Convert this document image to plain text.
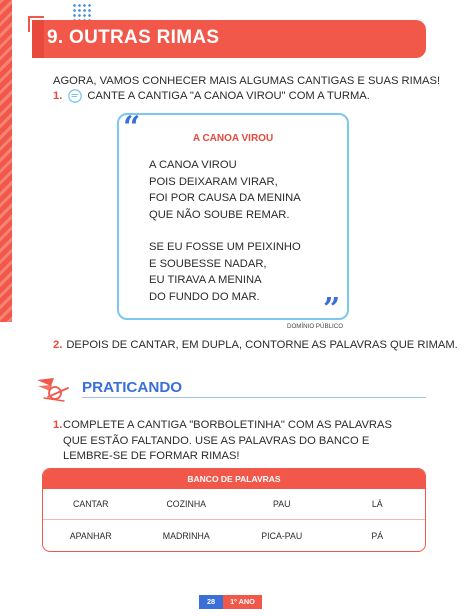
9. OUTRAS RIMAS
AGORA, VAMOS CONHECER MAIS ALGUMAS CANTIGAS E SUAS RIMAS!
1. CANTE A CANTIGA "A CANOA VIROU" COM A TURMA.
“
”
A CANOA VIROU
A CANOA VIROU
POIS DEIXARAM VIRAR,
FOI POR CAUSA DA MENINA
QUE NÃO SOUBE REMAR.
SE EU FOSSE UM PEIXINHO
E SOUBESSE NADAR,
EU TIRAVA A MENINA
DO FUNDO DO MAR.
DOMÍNIO PÚBLICO
2. DEPOIS DE CANTAR, EM DUPLA, CONTORNE AS PALAVRAS QUE RIMAM.
PRATICANDO
1. COMPLETE A CANTIGA "BORBOLETINHA" COM AS PALAVRAS QUE ESTÃO FALTANDO. USE AS PALAVRAS DO BANCO E LEMBRE-SE DE FORMAR RIMAS!
BANCO DE PALAVRAS
CANTAR	COZINHA	PAU	LÁ
APANHAR	MADRINHA	PICA-PAU	PÁ
28	1º ANO
